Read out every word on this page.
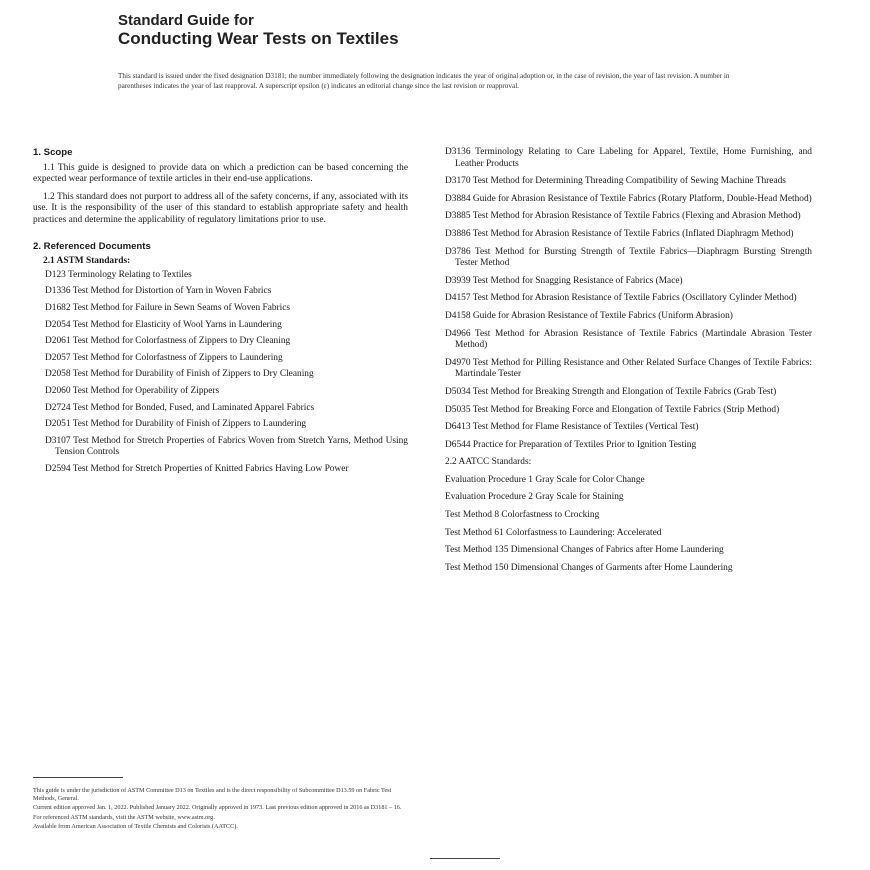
Standard Guide for
Conducting Wear Tests on Textiles
This standard is issued under the fixed designation D3181; the number immediately following the designation indicates the year of original adoption or, in the case of revision, the year of last revision. A number in parentheses indicates the year of last reapproval. A superscript epsilon (ε) indicates an editorial change since the last revision or reapproval.
1. Scope

1.1 This guide is designed to provide data on which a prediction can be based concerning the expected wear performance of textile articles in their end-use applications.

1.2 This standard does not purport to address all of the safety concerns, if any, associated with its use. It is the responsibility of the user of this standard to establish appropriate safety and health practices and determine the applicability of regulatory limitations prior to use.

2. Referenced Documents
2.1 ASTM Standards:

D123 Terminology Relating to Textiles

D1336 Test Method for Distortion of Yarn in Woven Fabrics

D1682 Test Method for Failure in Sewn Seams of Woven Fabrics

D2054 Test Method for Elasticity of Wool Yarns in Laundering

D2061 Test Method for Colorfastness of Zippers to Dry Cleaning

D2057 Test Method for Colorfastness of Zippers to Laundering

D2058 Test Method for Durability of Finish of Zippers to Dry Cleaning

D2060 Test Method for Operability of Zippers

D2724 Test Method for Bonded, Fused, and Laminated Apparel Fabrics

D2051 Test Method for Durability of Finish of Zippers to Laundering

D3107 Test Method for Stretch Properties of Fabrics Woven from Stretch Yarns, Method Using Tension Controls

D2594 Test Method for Stretch Properties of Knitted Fabrics Having Low Power

D3136 Terminology Relating to Care Labeling for Apparel, Textile, Home Furnishing, and Leather Products

D3170 Test Method for Determining Threading Compatibility of Sewing Machine Threads

D3884 Guide for Abrasion Resistance of Textile Fabrics (Rotary Platform, Double-Head Method)

D3885 Test Method for Abrasion Resistance of Textile Fabrics (Flexing and Abrasion Method)

D3886 Test Method for Abrasion Resistance of Textile Fabrics (Inflated Diaphragm Method)

D3786 Test Method for Bursting Strength of Textile Fabrics—Diaphragm Bursting Strength Tester Method

D3939 Test Method for Snagging Resistance of Fabrics (Mace)

D4157 Test Method for Abrasion Resistance of Textile Fabrics (Oscillatory Cylinder Method)

D4158 Guide for Abrasion Resistance of Textile Fabrics (Uniform Abrasion)

D4966 Test Method for Abrasion Resistance of Textile Fabrics (Martindale Abrasion Tester Method)

D4970 Test Method for Pilling Resistance and Other Related Surface Changes of Textile Fabrics: Martindale Tester

D5034 Test Method for Breaking Strength and Elongation of Textile Fabrics (Grab Test)

D5035 Test Method for Breaking Force and Elongation of Textile Fabrics (Strip Method)

D6413 Test Method for Flame Resistance of Textiles (Vertical Test)

D6544 Practice for Preparation of Textiles Prior to Ignition Testing

2.2 AATCC Standards:

Evaluation Procedure 1 Gray Scale for Color Change

Evaluation Procedure 2 Gray Scale for Staining

Test Method 8 Colorfastness to Crocking

Test Method 61 Colorfastness to Laundering: Accelerated

Test Method 135 Dimensional Changes of Fabrics after Home Laundering

Test Method 150 Dimensional Changes of Garments after Home Laundering

This guide is under the jurisdiction of ASTM Committee D13 on Textiles and is the direct responsibility of Subcommittee D13.59 on Fabric Test Methods, General.

Current edition approved Jan. 1, 2022. Published January 2022. Originally approved in 1973. Last previous edition approved in 2016 as D3181 – 16.

For referenced ASTM standards, visit the ASTM website, www.astm.org.

Available from American Association of Textile Chemists and Colorists (AATCC).
